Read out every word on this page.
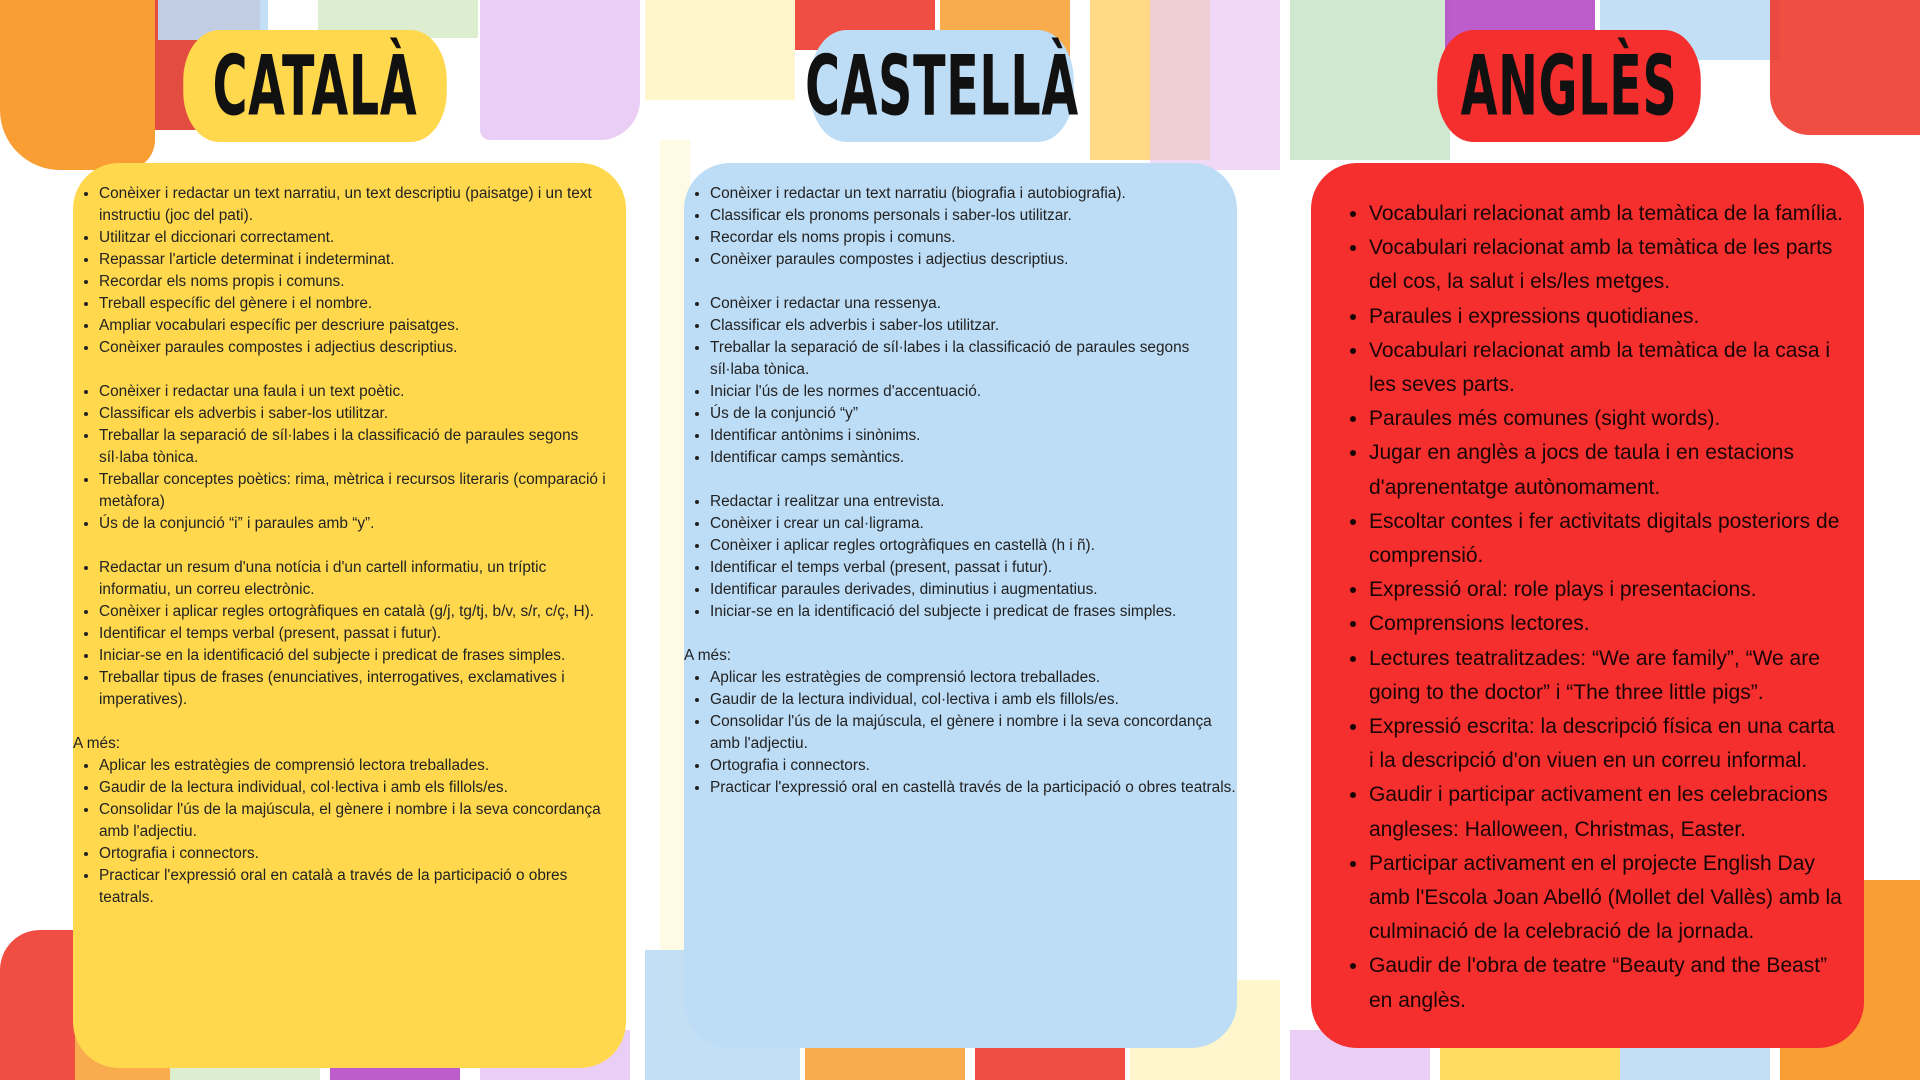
CATALÀ	CASTELLÀ	ANGLÈS
• Conèixer i redactar un text narratiu, un text descriptiu (paisatge) i un text instructiu (joc del pati).
• Utilitzar el diccionari correctament.
• Repassar l'article determinat i indeterminat.
• Recordar els noms propis i comuns.
• Treball específic del gènere i el nombre.
• Ampliar vocabulari específic per descriure paisatges.
• Conèixer paraules compostes i adjectius descriptius.
• Conèixer i redactar una faula i un text poètic.
• Classificar els adverbis i saber-los utilitzar.
• Treballar la separació de síl·labes i la classificació de paraules segons síl·laba tònica.
• Treballar conceptes poètics: rima, mètrica i recursos literaris (comparació i metàfora)
• Ús de la conjunció “i” i paraules amb “y”.
• Redactar un resum d'una notícia i d'un cartell informatiu, un tríptic informatiu, un correu electrònic.
• Conèixer i aplicar regles ortogràfiques en català (g/j, tg/tj, b/v, s/r, c/ç, H).
• Identificar el temps verbal (present, passat i futur).
• Iniciar-se en la identificació del subjecte i predicat de frases simples.
• Treballar tipus de frases (enunciatives, interrogatives, exclamatives i imperatives).

A més:

• Aplicar les estratègies de comprensió lectora treballades.
• Gaudir de la lectura individual, col·lectiva i amb els fillols/es.
• Consolidar l'ús de la majúscula, el gènere i nombre i la seva concordança amb l'adjectiu.
• Ortografia i connectors.
• Practicar l'expressió oral en català a través de la participació o obres teatrals.
• Conèixer i redactar un text narratiu (biografia i autobiografia).
• Classificar els pronoms personals i saber-los utilitzar.
• Recordar els noms propis i comuns.
• Conèixer paraules compostes i adjectius descriptius.
• Conèixer i redactar una ressenya.
• Classificar els adverbis i saber-los utilitzar.
• Treballar la separació de síl·labes i la classificació de paraules segons síl·laba tònica.
• Iniciar l'ús de les normes d'accentuació.
• Ús de la conjunció “y”
• Identificar antònims i sinònims.
• Identificar camps semàntics.
• Redactar i realitzar una entrevista.
• Conèixer i crear un cal·ligrama.
• Conèixer i aplicar regles ortogràfiques en castellà (h i ñ).
• Identificar el temps verbal (present, passat i futur).
• Identificar paraules derivades, diminutius i augmentatius.
• Iniciar-se en la identificació del subjecte i predicat de frases simples.

A més:

• Aplicar les estratègies de comprensió lectora treballades.
• Gaudir de la lectura individual, col·lectiva i amb els fillols/es.
• Consolidar l'ús de la majúscula, el gènere i nombre i la seva concordança amb l'adjectiu.
• Ortografia i connectors.
• Practicar l'expressió oral en castellà través de la participació o obres teatrals.
• Vocabulari relacionat amb la temàtica de la família.
• Vocabulari relacionat amb la temàtica de les parts del cos, la salut i els/les metges.
• Paraules i expressions quotidianes.
• Vocabulari relacionat amb la temàtica de la casa i les seves parts.
• Paraules més comunes (sight words).
• Jugar en anglès a jocs de taula i en estacions d'aprenentatge autònomament.
• Escoltar contes i fer activitats digitals posteriors de comprensió.
• Expressió oral: role plays i presentacions.
• Comprensions lectores.
• Lectures teatralitzades: “We are family”, “We are going to the doctor” i “The three little pigs”.
• Expressió escrita: la descripció física en una carta i la descripció d'on viuen en un correu informal.
• Gaudir i participar activament en les celebracions angleses: Halloween, Christmas, Easter.
• Participar activament en el projecte English Day amb l'Escola Joan Abelló (Mollet del Vallès) amb la culminació de la celebració de la jornada.
• Gaudir de l'obra de teatre “Beauty and the Beast” en anglès.
